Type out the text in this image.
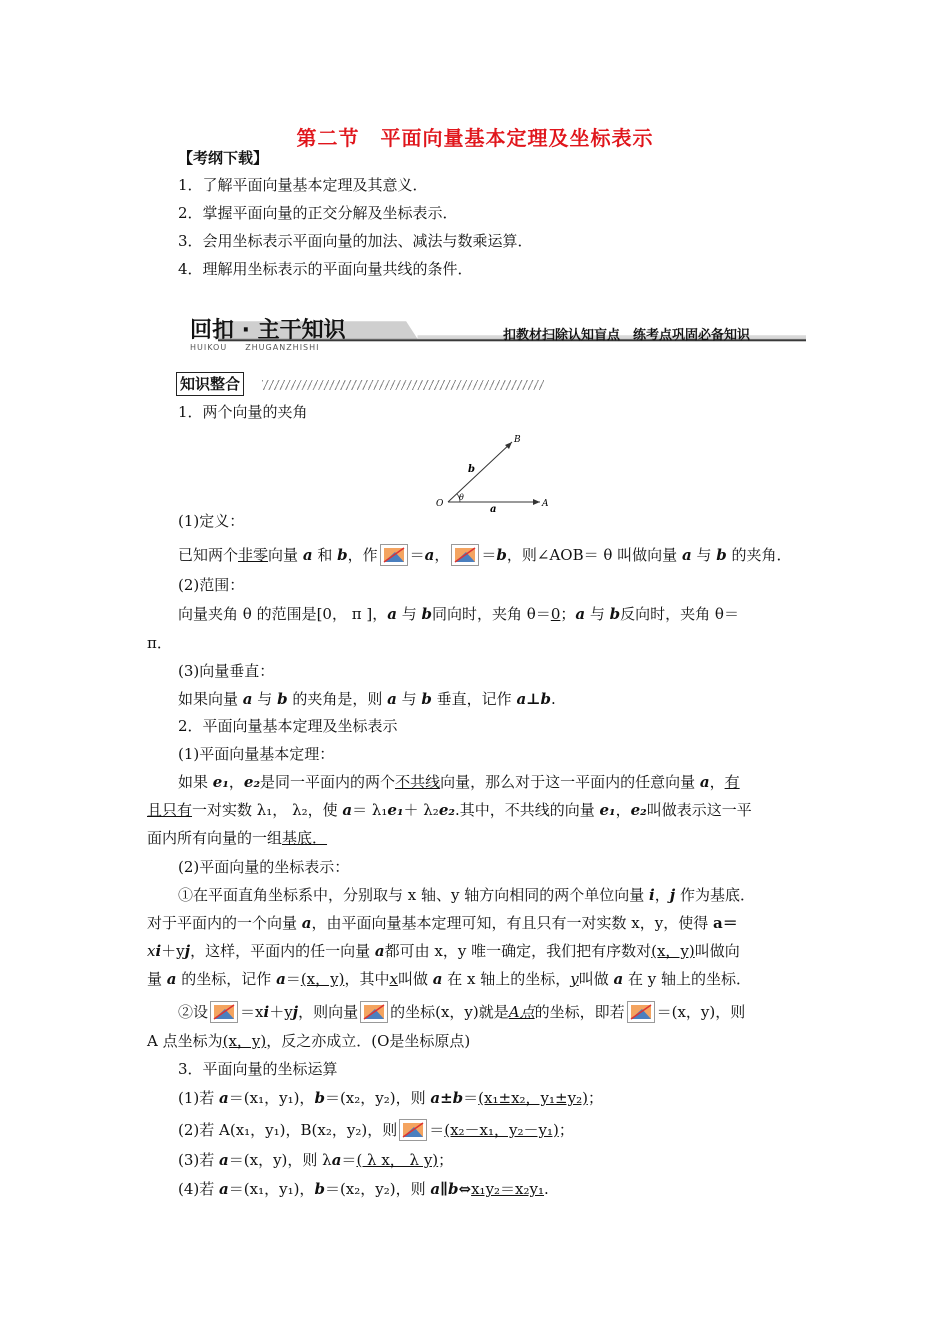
第二节　平面向量基本定理及坐标表示
【考纲下载】
1．了解平面向量基本定理及其意义．
2．掌握平面向量的正交分解及坐标表示．
3．会用坐标表示平面向量的加法、减法与数乘运算．
4．理解用坐标表示的平面向量共线的条件．
回扣 · 主干知识
HUIKOU　　ZHUGANZHISHI
扣教材扫除认知盲点　练考点巩固必备知识
知识整合
1．两个向量的夹角
B
b
θ
O	a	A
(1)定义：
已知两个非零向量 a 和 b，作 ＝a， ＝b，则∠AOB＝ θ 叫做向量 a 与 b 的夹角．
(2)范围：
向量夹角 θ 的范围是[0， π ]，a 与 b同向时，夹角 θ＝0；a 与 b反向时，夹角 θ＝
π．
(3)向量垂直：
如果向量 a 与 b 的夹角是，则 a 与 b 垂直，记作 a⊥b.
2．平面向量基本定理及坐标表示
(1)平面向量基本定理：
如果 e₁，e₂是同一平面内的两个不共线向量，那么对于这一平面内的任意向量 a，有
且只有一对实数 λ₁， λ₂，使 a＝ λ₁e₁＋ λ₂e₂.其中，不共线的向量 e₁，e₂叫做表示这一平
面内所有向量的一组基底．
(2)平面向量的坐标表示：
①在平面直角坐标系中，分别取与 x 轴、y 轴方向相同的两个单位向量 i，j 作为基底．
对于平面内的一个向量 a，由平面向量基本定理可知，有且只有一对实数 x，y，使得 a＝
xi＋yj，这样，平面内的任一向量 a都可由 x，y 唯一确定，我们把有序数对(x，y)叫做向
量 a 的坐标，记作 a＝(x，y)，其中x叫做 a 在 x 轴上的坐标，y叫做 a 在 y 轴上的坐标．
②设 ＝xi＋yj，则向量 的坐标(x，y)就是A点的坐标，即若 ＝(x，y)，则
A 点坐标为(x，y)，反之亦成立．(O是坐标原点)
3．平面向量的坐标运算
(1)若 a＝(x₁，y₁)，b＝(x₂，y₂)，则 a±b＝(x₁±x₂，y₁±y₂)；
(2)若 A(x₁，y₁)，B(x₂，y₂)，则 ＝(x₂－x₁，y₂－y₁)；
(3)若 a＝(x，y)，则 λa＝( λ x， λ y)；
(4)若 a＝(x₁，y₁)，b＝(x₂，y₂)，则 a∥b⇔x₁y₂＝x₂y₁.
